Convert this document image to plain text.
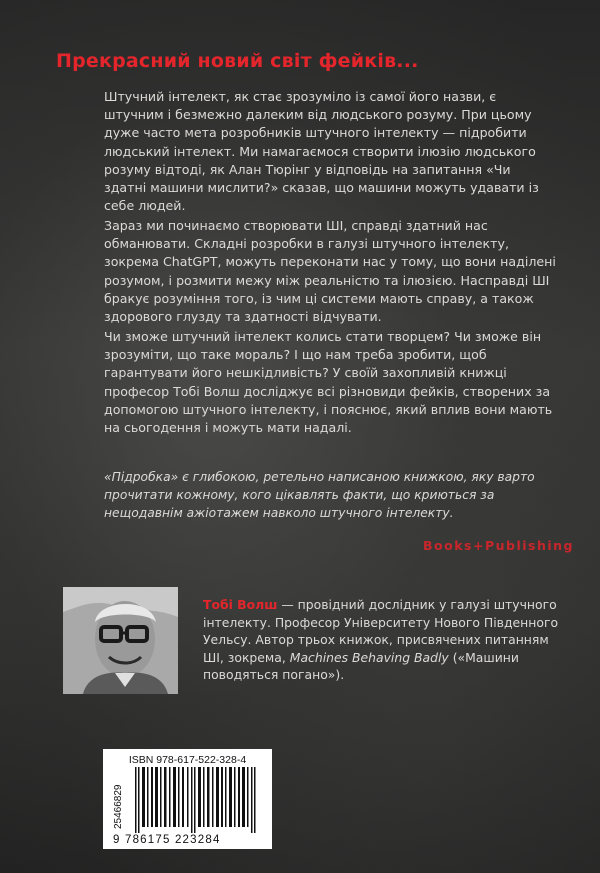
Прекрасний новий світ фейків...

Штучний інтелект, як стає зрозуміло із самої його назви, є штучним і безмежно далеким від людського розуму. При цьому дуже часто мета розробників штучного інтелекту — підробити людський інтелект. Ми намагаємося створити ілюзію людського розуму відтоді, як Алан Тюрінг у відповідь на запитання «Чи здатні машини мислити?» сказав, що машини можуть удавати із себе людей.

Зараз ми починаємо створювати ШІ, справді здатний нас обманювати. Складні розробки в галузі штучного інтелекту, зокрема ChatGPT, можуть переконати нас у тому, що вони наділені розумом, і розмити межу між реальністю та ілюзією. Насправді ШІ бракує розуміння того, із чим ці системи мають справу, а також здорового глузду та здатності відчувати.

Чи зможе штучний інтелект колись стати творцем? Чи зможе він зрозуміти, що таке мораль? І що нам треба зробити, щоб гарантувати його нешкідливість? У своїй захопливій книжці професор Тобі Волш досліджує всі різновиди фейків, створених за допомогою штучного інтелекту, і пояснює, який вплив вони мають на сьогодення і можуть мати надалі.

«Підробка» є глибокою, ретельно написаною книжкою, яку варто прочитати кожному, кого цікавлять факти, що криються за нещодавнім ажіотажем навколо штучного інтелекту.

Books+Publishing

Тобі Волш — провідний дослідник у галузі штучного інтелекту. Професор Університету Нового Південного Уельсу. Автор трьох книжок, присвячених питанням ШІ, зокрема, Machines Behaving Badly («Машини поводяться погано»).

ISBN 978-617-522-328-4
25466829
9 786175 223284
